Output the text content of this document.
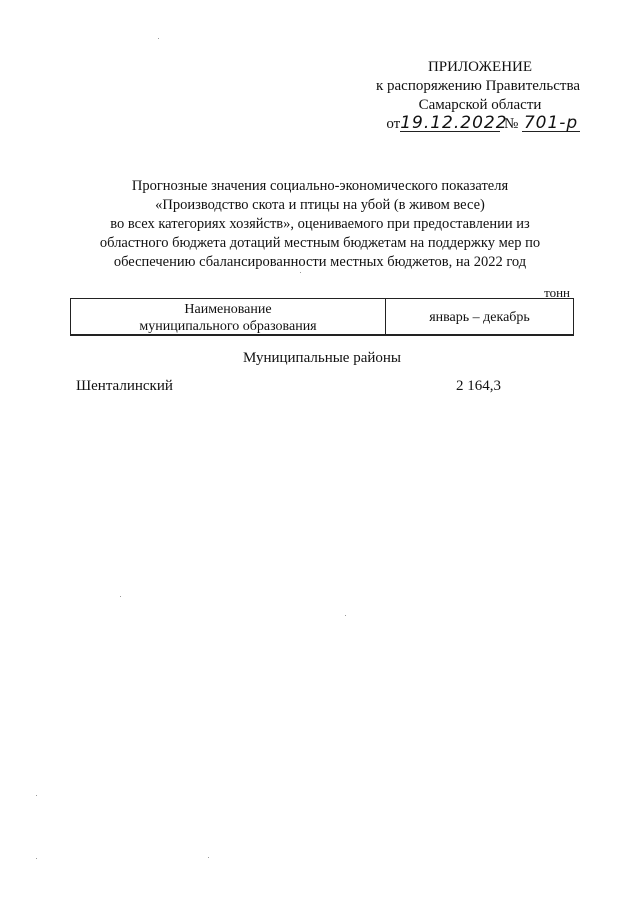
ПРИЛОЖЕНИЕ
к распоряжению Правительства
Самарской области
от19.12.2022 № 701-р
Прогнозные значения социально-экономического показателя
«Производство скота и птицы на убой (в живом весе)
во всех категориях хозяйств», оцениваемого при предоставлении из
областного бюджета дотаций местным бюджетам на поддержку мер по
обеспечению сбалансированности местных бюджетов, на 2022 год
тонн
Наименование
муниципального образования
январь – декабрь
Муниципальные районы
Шенталинский	2 164,3
